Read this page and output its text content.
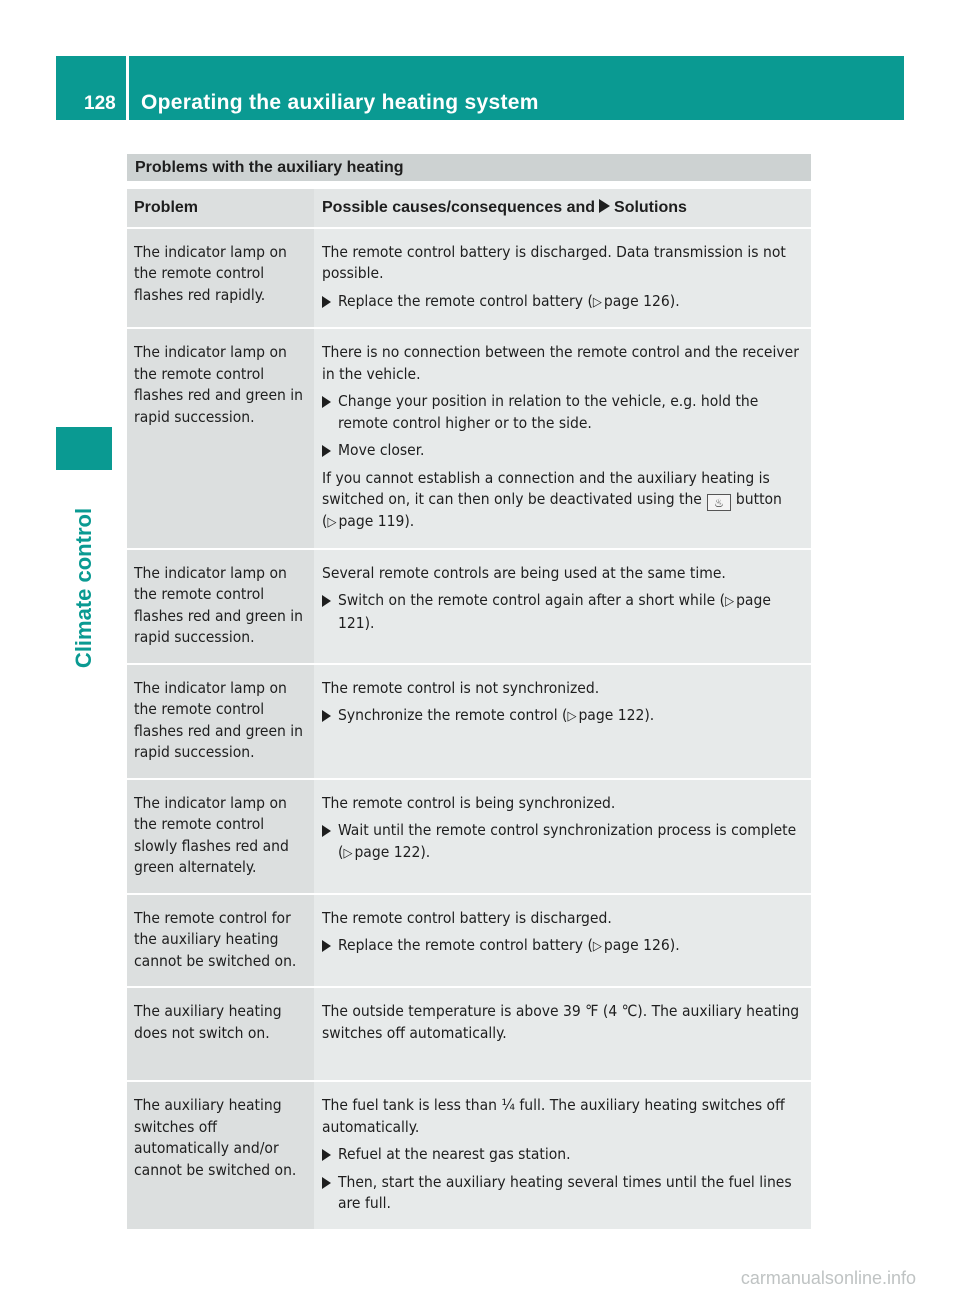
128 Operating the auxiliary heating system
Climate control
Problems with the auxiliary heating
Problem	Possible causes/consequences and Solutions
The indicator lamp on the remote control flashes red rapidly.

The remote control battery is discharged. Data transmission is not possible.

Replace the remote control battery (▷ page 126).
The indicator lamp on the remote control flashes red and green in rapid succession.

There is no connection between the remote control and the receiver in the vehicle.

Change your position in relation to the vehicle, e.g. hold the remote control higher or to the side.
Move closer.

If you cannot establish a connection and the auxiliary heating is switched on, it can then only be deactivated using the ♨ button (▷ page 119).

The indicator lamp on the remote control flashes red and green in rapid succession.

Several remote controls are being used at the same time.

Switch on the remote control again after a short while (▷ page 121).
The indicator lamp on the remote control flashes red and green in rapid succession.

The remote control is not synchronized.

Synchronize the remote control (▷ page 122).
The indicator lamp on the remote control slowly flashes red and green alternately.

The remote control is being synchronized.

Wait until the remote control synchronization process is complete (▷ page 122).
The remote control for the auxiliary heating cannot be switched on.

The remote control battery is discharged.

Replace the remote control battery (▷ page 126).
The auxiliary heating does not switch on.

The outside temperature is above 39 ℉ (4 ℃). The auxiliary heating switches off automatically.

The auxiliary heating switches off automatically and/or cannot be switched on.

The fuel tank is less than ¼ full. The auxiliary heating switches off automatically.

Refuel at the nearest gas station.
Then, start the auxiliary heating several times until the fuel lines are full.
carmanualsonline.info
